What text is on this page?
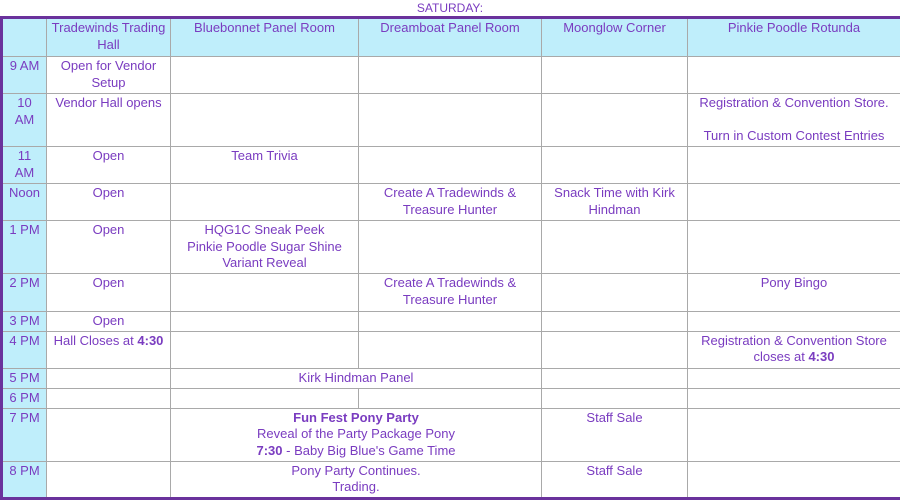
SATURDAY:
	Tradewinds Trading Hall	Bluebonnet Panel Room	Dreamboat Panel Room	Moonglow Corner	Pinkie Poodle Rotunda
9 AM	Open for Vendor Setup				
10 AM	Vendor Hall opens				Registration & Convention Store.
Turn in Custom Contest Entries
11 AM	Open	Team Trivia			
Noon	Open		Create A Tradewinds & Treasure Hunter	Snack Time with Kirk Hindman	
1 PM	Open	HQG1C Sneak Peek
Pinkie Poodle Sugar Shine Variant Reveal			
2 PM	Open		Create A Tradewinds & Treasure Hunter		Pony Bingo
3 PM	Open				
4 PM	Hall Closes at 4:30				Registration & Convention Store closes at 4:30
5 PM		Kirk Hindman Panel			
6 PM					
7 PM		Fun Fest Pony Party
Reveal of the Party Package Pony
7:30 - Baby Big Blue's Game Time		Staff Sale	
8 PM		Pony Party Continues.
Trading.		Staff Sale	
